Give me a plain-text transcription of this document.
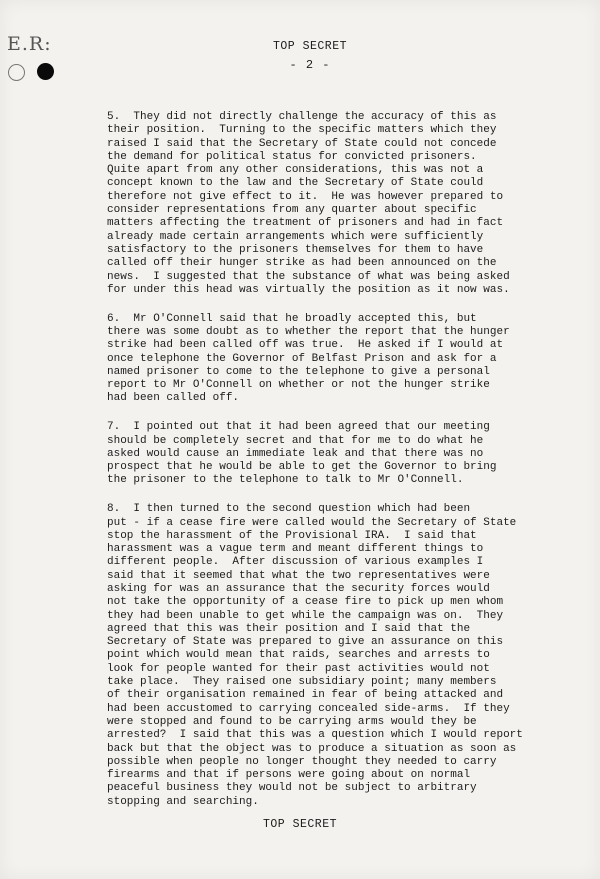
E.R:	TOP SECRET
- 2 -
5.  They did not directly challenge the accuracy of this as
their position.  Turning to the specific matters which they
raised I said that the Secretary of State could not concede
the demand for political status for convicted prisoners.
Quite apart from any other considerations, this was not a
concept known to the law and the Secretary of State could
therefore not give effect to it.  He was however prepared to
consider representations from any quarter about specific
matters affecting the treatment of prisoners and had in fact
already made certain arrangements which were sufficiently
satisfactory to the prisoners themselves for them to have
called off their hunger strike as had been announced on the
news.  I suggested that the substance of what was being asked
for under this head was virtually the position as it now was.
6.  Mr O'Connell said that he broadly accepted this, but
there was some doubt as to whether the report that the hunger
strike had been called off was true.  He asked if I would at
once telephone the Governor of Belfast Prison and ask for a
named prisoner to come to the telephone to give a personal
report to Mr O'Connell on whether or not the hunger strike
had been called off.
7.  I pointed out that it had been agreed that our meeting
should be completely secret and that for me to do what he
asked would cause an immediate leak and that there was no
prospect that he would be able to get the Governor to bring
the prisoner to the telephone to talk to Mr O'Connell.
8.  I then turned to the second question which had been
put - if a cease fire were called would the Secretary of State
stop the harassment of the Provisional IRA.  I said that
harassment was a vague term and meant different things to
different people.  After discussion of various examples I
said that it seemed that what the two representatives were
asking for was an assurance that the security forces would
not take the opportunity of a cease fire to pick up men whom
they had been unable to get while the campaign was on.  They
agreed that this was their position and I said that the
Secretary of State was prepared to give an assurance on this
point which would mean that raids, searches and arrests to
look for people wanted for their past activities would not
take place.  They raised one subsidiary point; many members
of their organisation remained in fear of being attacked and
had been accustomed to carrying concealed side-arms.  If they
were stopped and found to be carrying arms would they be
arrested?  I said that this was a question which I would report
back but that the object was to produce a situation as soon as
possible when people no longer thought they needed to carry
firearms and that if persons were going about on normal
peaceful business they would not be subject to arbitrary
stopping and searching.
TOP SECRET
